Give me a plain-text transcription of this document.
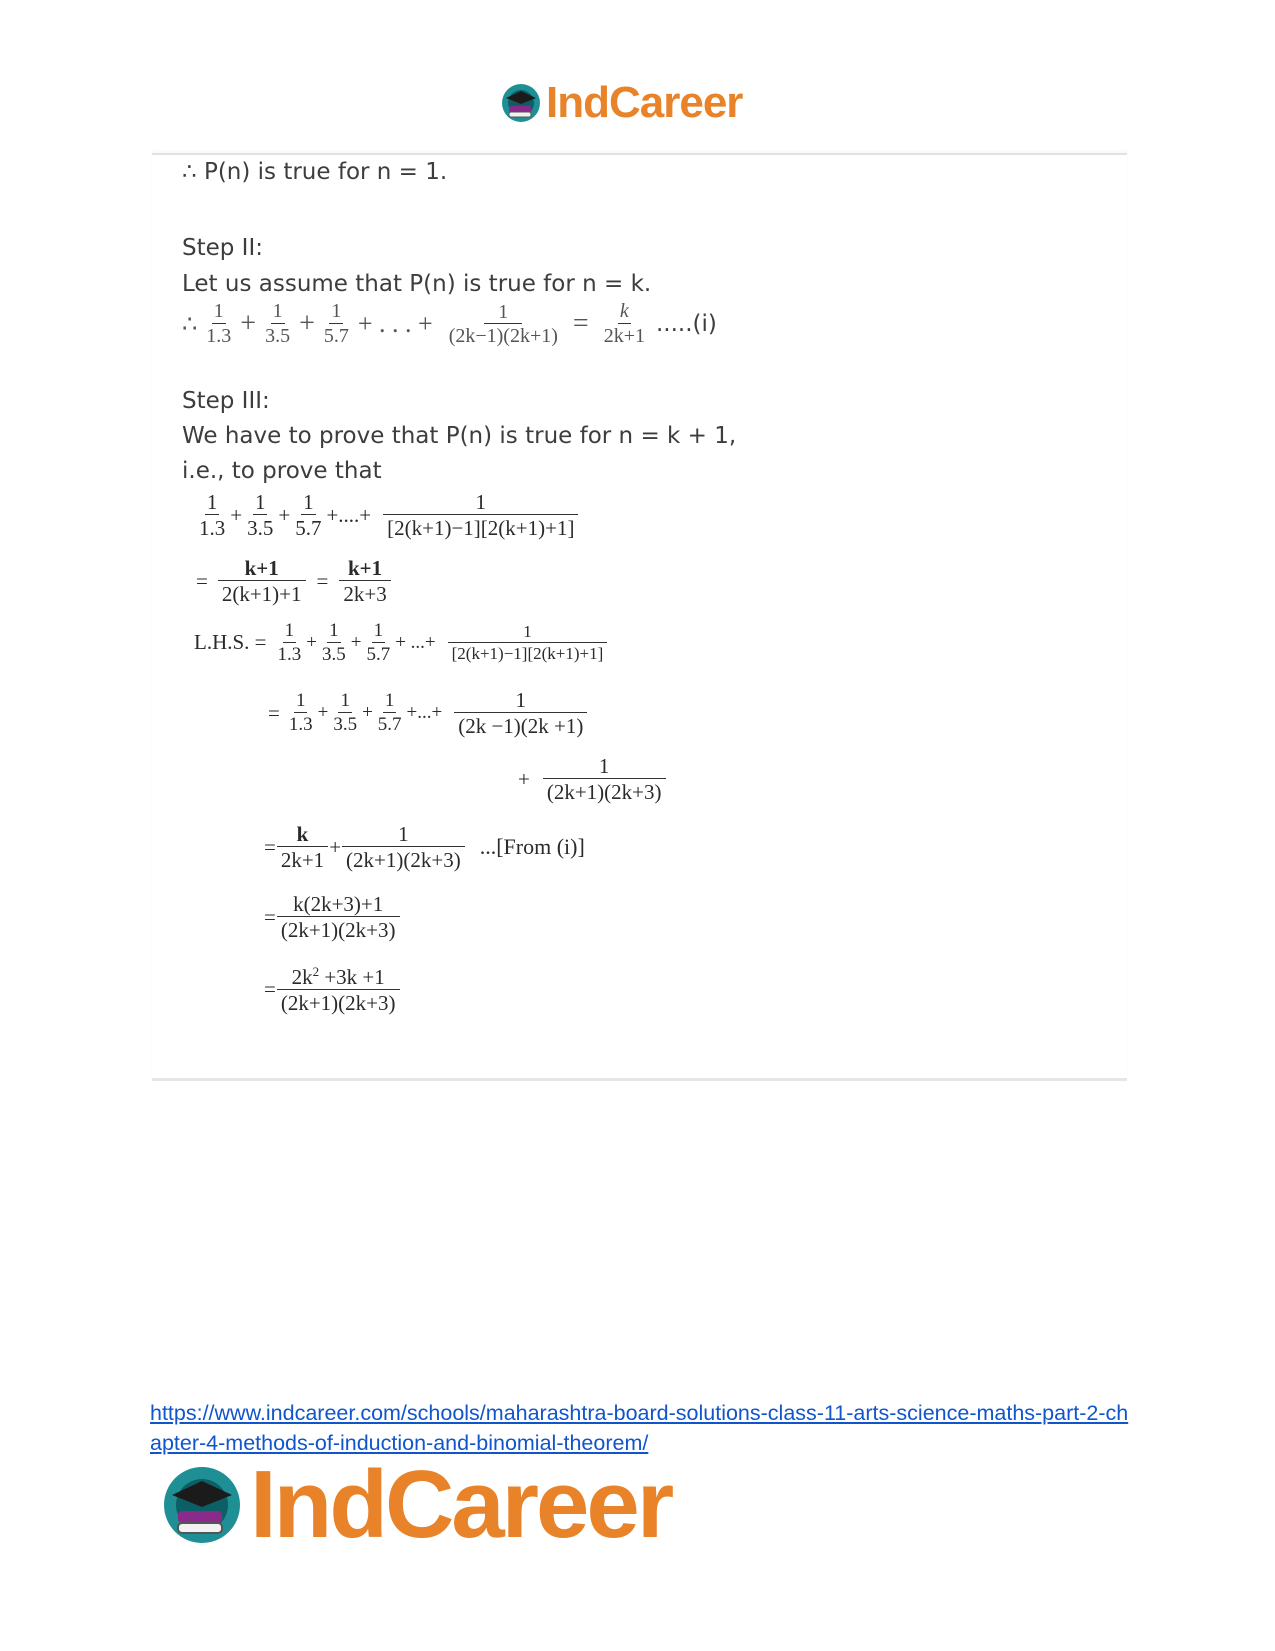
IndCareer
∴ P(n) is true for n = 1.
Step II:
Let us assume that P(n) is true for n = k.
∴ $\frac{1}{1.3} + \frac{1}{3.5} + \frac{1}{5.7}$ + . . . + $\frac{1}{(2k-1)(2k+1)} = \frac{k}{2k+1} .....(i)$
Step III:
We have to prove that P(n) is true for n = k + 1,
i.e., to prove that
$\frac{1}{1.3} + \frac{1}{3.5} + \frac{1}{5.7}$ +....+ $\frac{1}{[2(k+1)-1][2(k+1)+1]}$
= $\frac{k+1}{2(k+1)+1} = \frac{k+1}{2k+3}$
L.H.S. = $\frac{1}{1.3} + \frac{1}{3.5} + \frac{1}{5.7}$ + ...+ $\frac{1}{[2(k+1)-1][2(k+1)+1]}$
= $\frac{1}{1.3} + \frac{1}{3.5} + \frac{1}{5.7}$ +...+ $\frac{1}{(2k -1)(2k +1)}$
+ $\frac{1}{(2k+1)(2k+3)}$
= $\frac{k}{2k+1} + \frac{1}{(2k+1)(2k+3)}$ ...[From (i)]
= $\frac{k(2k+3)+1}{(2k+1)(2k+3)}$
= $\frac{2k^2 +3k +1}{(2k+1)(2k+3)}$
https://www.indcareer.com/schools/maharashtra-board-solutions-class-11-arts-science-maths-part-2-chapter-4-methods-of-induction-and-binomial-theorem/
IndCareer
